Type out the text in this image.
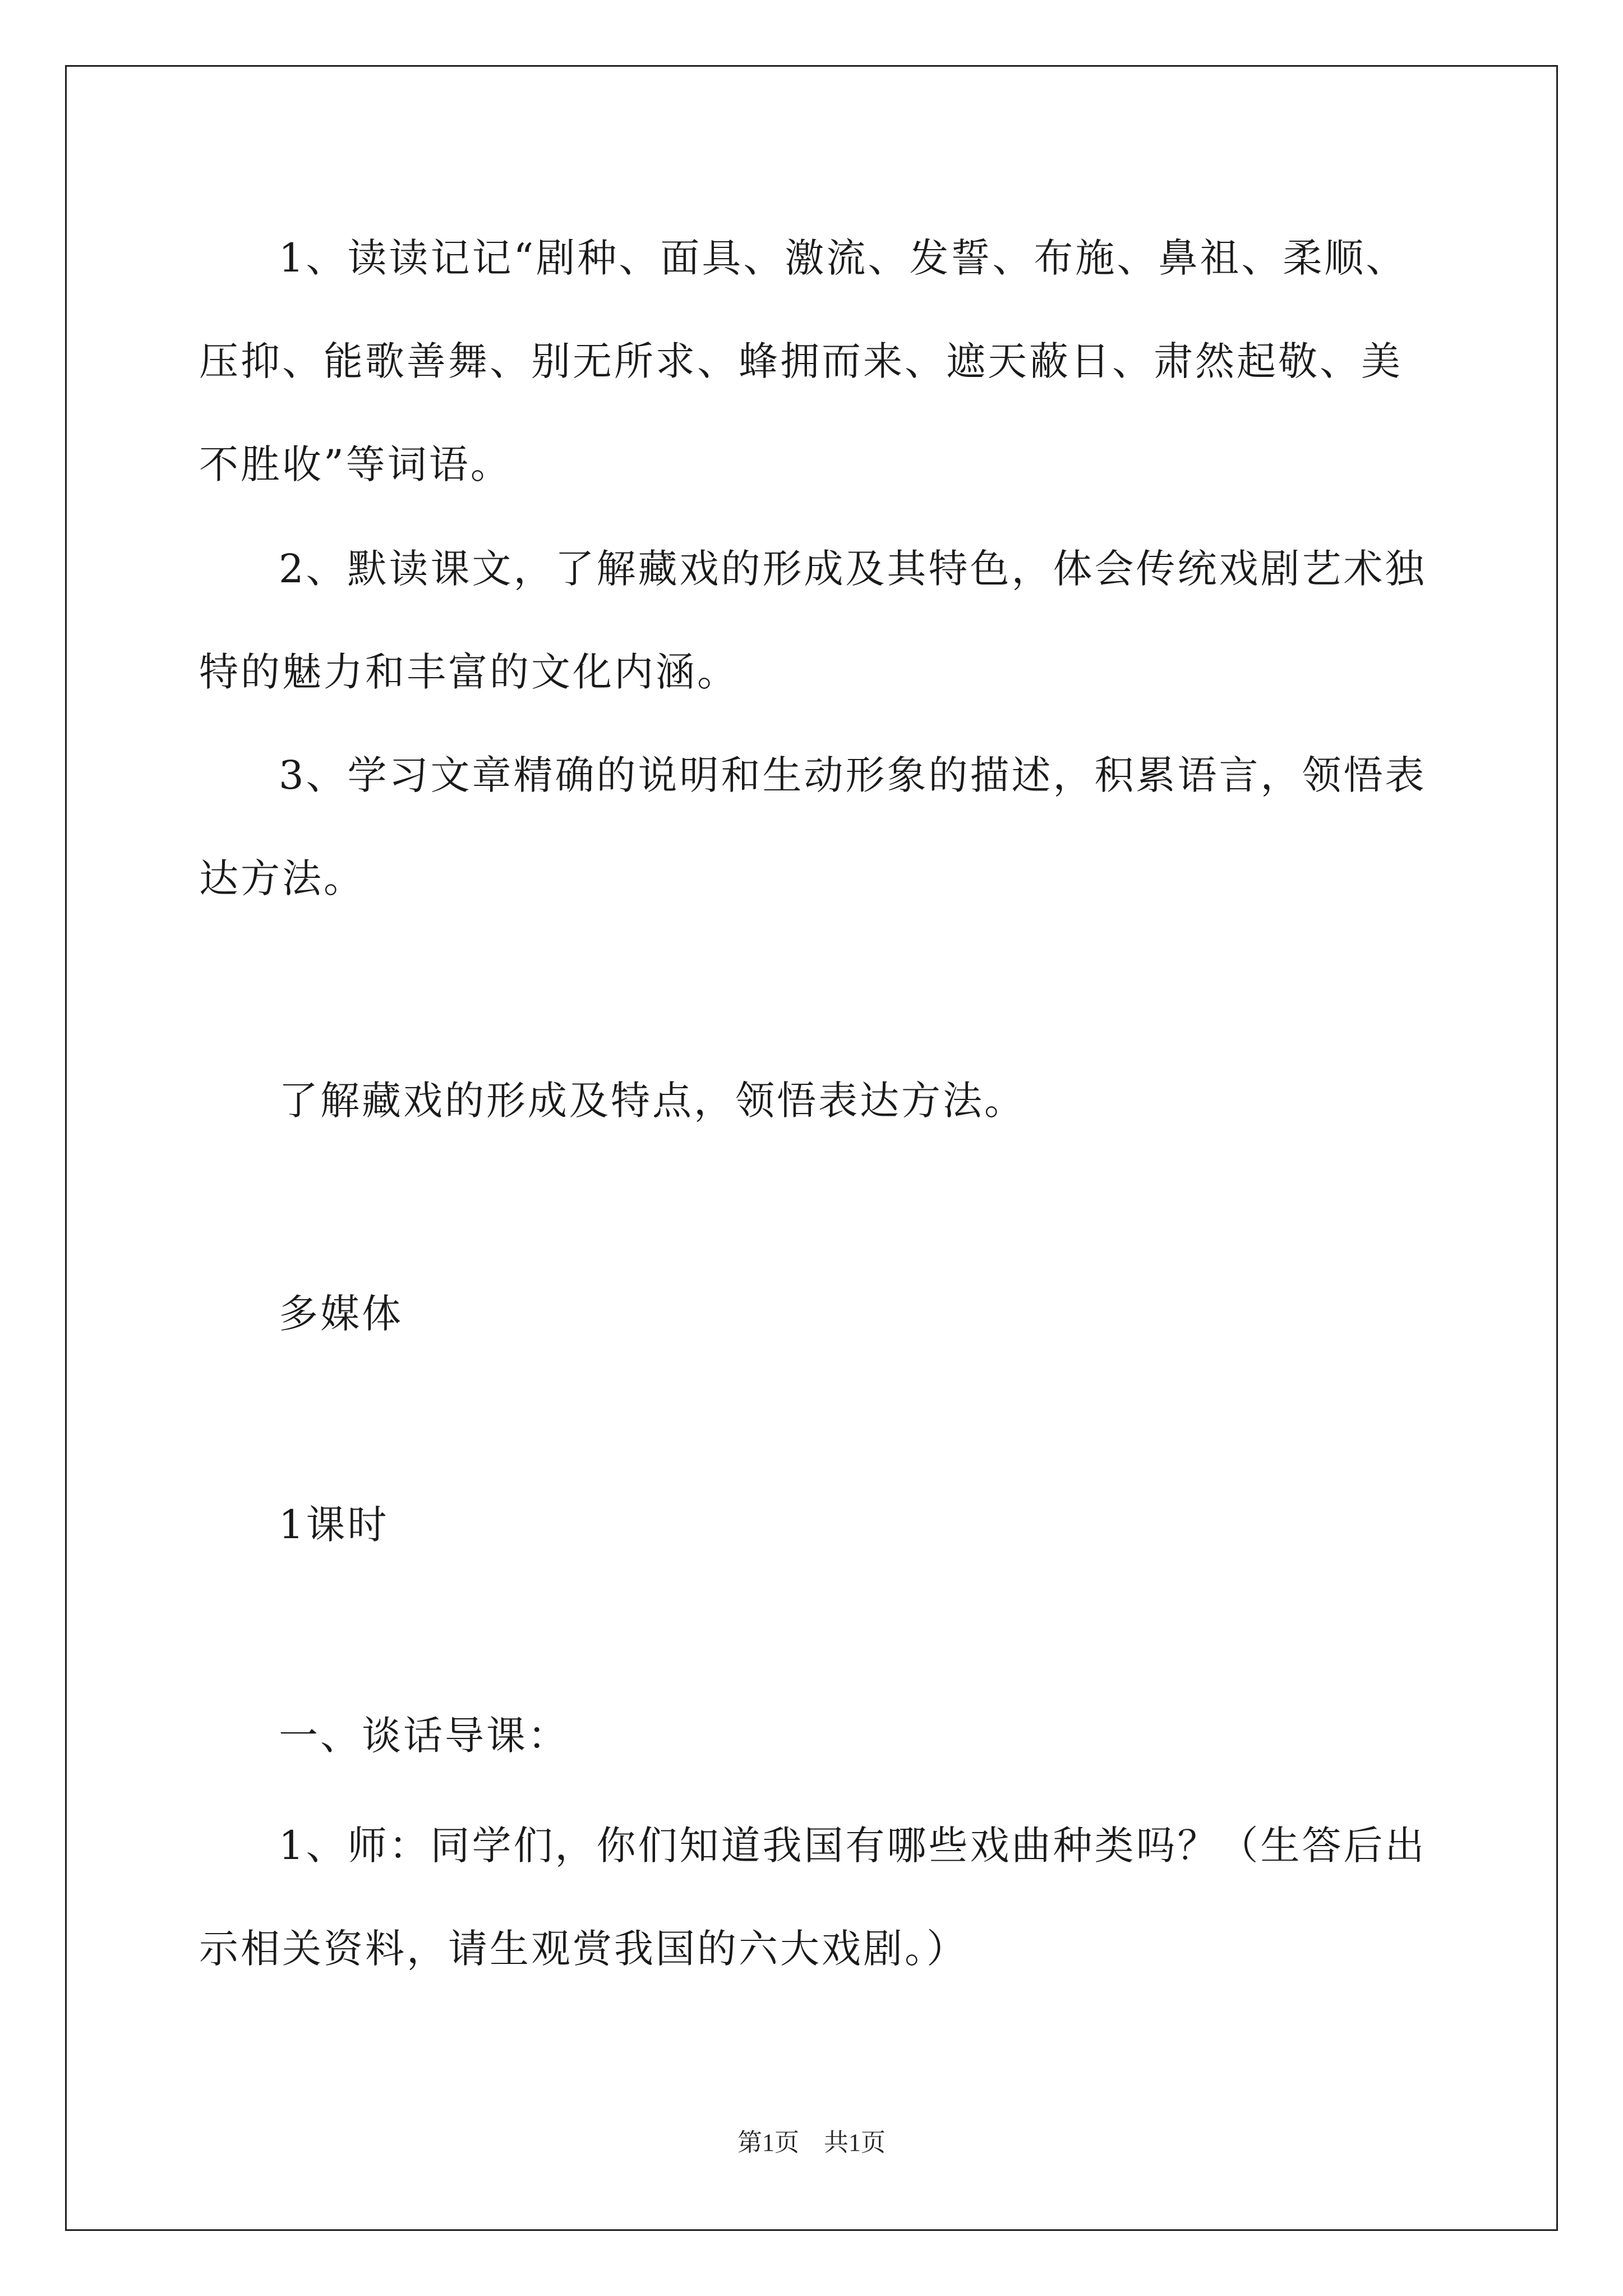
1、读读记记“剧种、面具、激流、发誓、布施、鼻祖、柔顺、压抑、能歌善舞、别无所求、蜂拥而来、遮天蔽日、肃然起敬、美不胜收”等词语。

2、默读课文，了解藏戏的形成及其特色，体会传统戏剧艺术独特的魅力和丰富的文化内涵。

3、学习文章精确的说明和生动形象的描述，积累语言，领悟表达方法。

了解藏戏的形成及特点，领悟表达方法。

多媒体

1课时

一、谈话导课：

1、师：同学们，你们知道我国有哪些戏曲种类吗？（生答后出示相关资料，请生观赏我国的六大戏剧。）

第1页　共1页
